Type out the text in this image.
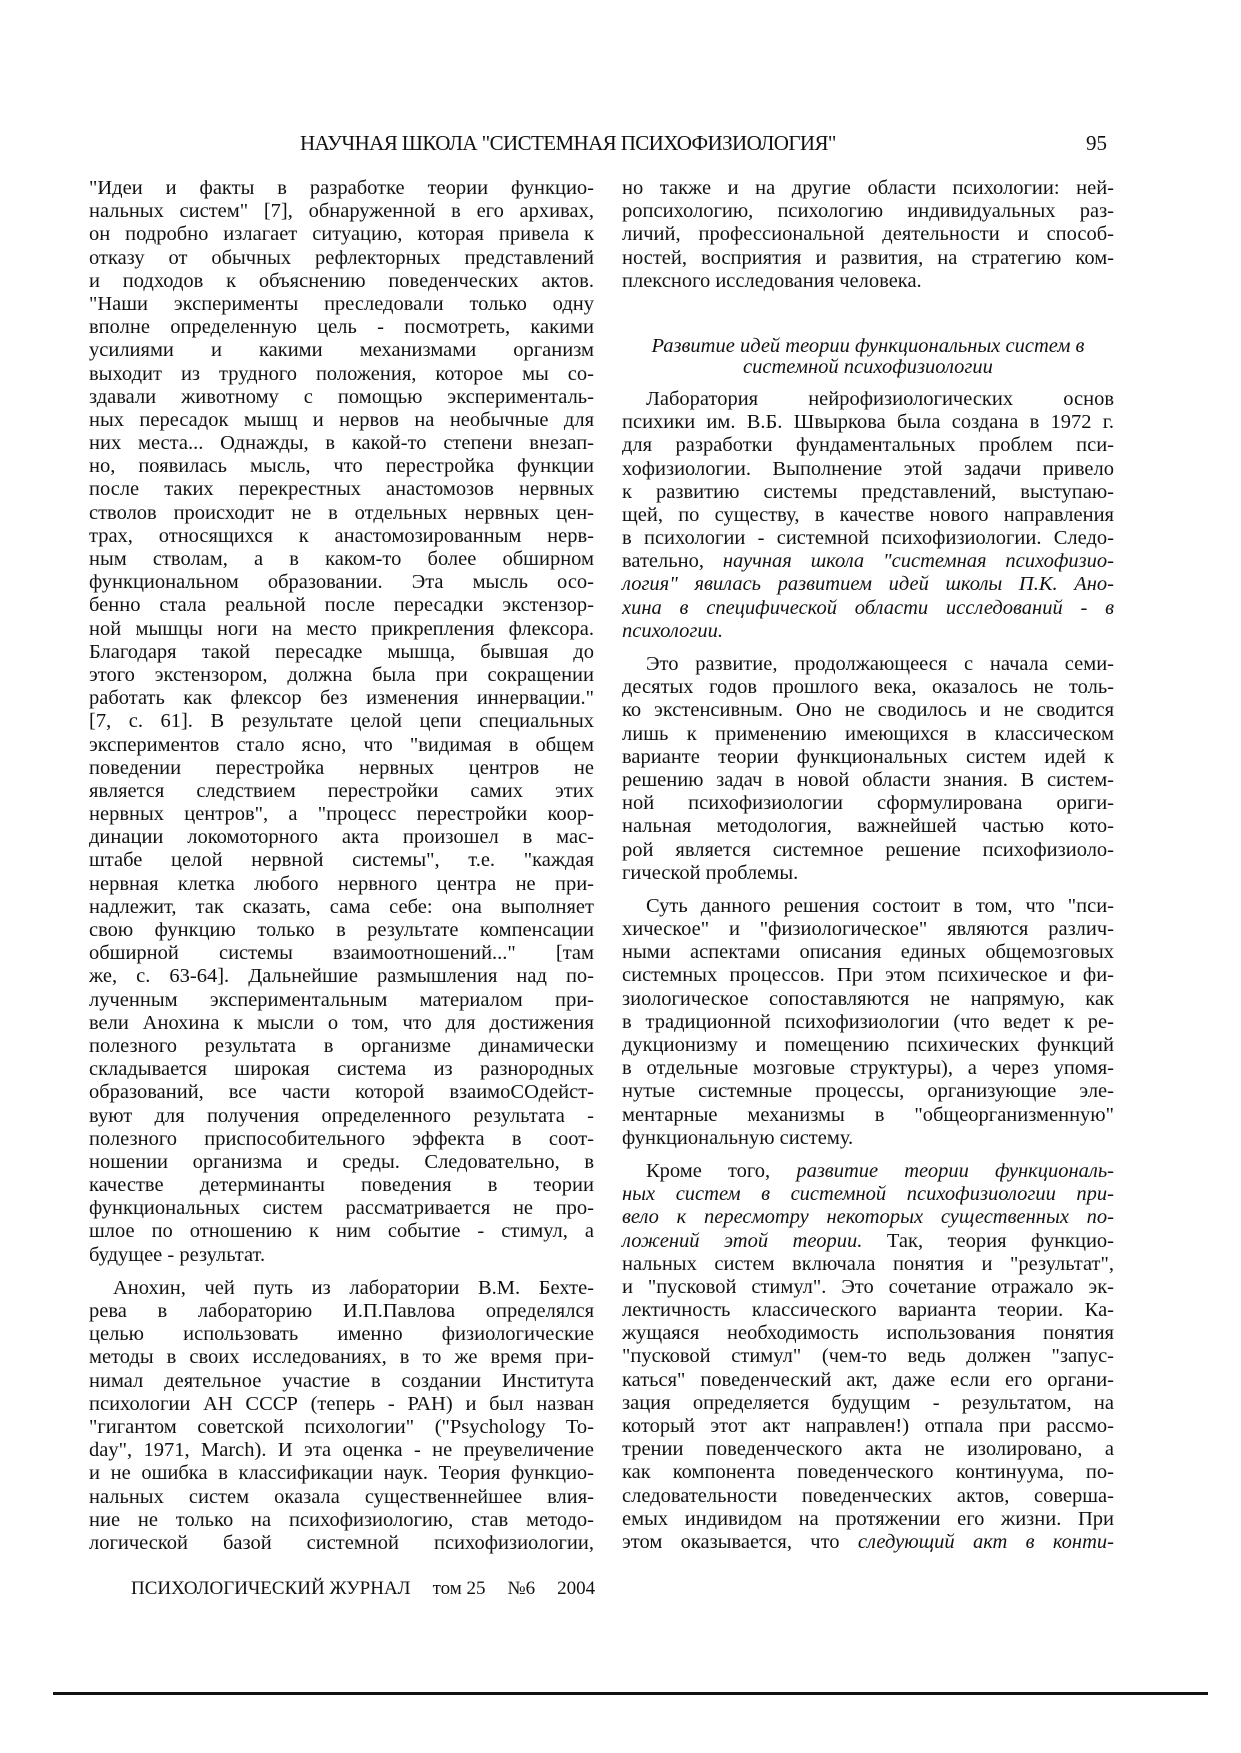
НАУЧНАЯ ШКОЛА "СИСТЕМНАЯ ПСИХОФИЗИОЛОГИЯ"	95
"Идеи и факты в разработке теории функцио-
нальных систем" [7], обнаруженной в его архивах,
он подробно излагает ситуацию, которая привела к
отказу от обычных рефлекторных представлений
и подходов к объяснению поведенческих актов.
"Наши эксперименты преследовали только одну
вполне определенную цель - посмотреть, какими
усилиями и какими механизмами организм
выходит из трудного положения, которое мы со-
здавали животному с помощью эксперименталь-
ных пересадок мышц и нервов на необычные для
них места... Однажды, в какой-то степени внезап-
но, появилась мысль, что перестройка функции
после таких перекрестных анастомозов нервных
стволов происходит не в отдельных нервных цен-
трах, относящихся к анастомозированным нерв-
ным стволам, а в каком-то более обширном
функциональном образовании. Эта мысль осо-
бенно стала реальной после пересадки экстензор-
ной мышцы ноги на место прикрепления флексора.
Благодаря такой пересадке мышца, бывшая до
этого экстензором, должна была при сокращении
работать как флексор без изменения иннервации."
[7, с. 61]. В результате целой цепи специальных
экспериментов стало ясно, что "видимая в общем
поведении перестройка нервных центров не
является следствием перестройки самих этих
нервных центров", а "процесс перестройки коор-
динации локомоторного акта произошел в мас-
штабе целой нервной системы", т.е. "каждая
нервная клетка любого нервного центра не при-
надлежит, так сказать, сама себе: она выполняет
свою функцию только в результате компенсации
обширной системы взаимоотношений..." [там
же, с. 63-64]. Дальнейшие размышления над по-
лученным экспериментальным материалом при-
вели Анохина к мысли о том, что для достижения
полезного результата в организме динамически
складывается широкая система из разнородных
образований, все части которой взаимоСОдейст-
вуют для получения определенного результата -
полезного приспособительного эффекта в соот-
ношении организма и среды. Следовательно, в
качестве детерминанты поведения в теории
функциональных систем рассматривается не про-
шлое по отношению к ним событие - стимул, а
будущее - результат.
Анохин, чей путь из лаборатории В.М. Бехте-
рева в лабораторию И.П.Павлова определялся
целью использовать именно физиологические
методы в своих исследованиях, в то же время при-
нимал деятельное участие в создании Института
психологии АН СССР (теперь - РАН) и был назван
"гигантом советской психологии" ("Psychology To-
day", 1971, March). И эта оценка - не преувеличение
и не ошибка в классификации наук. Теория функцио-
нальных систем оказала существеннейшее влия-
ние не только на психофизиологию, став методо-
логической базой системной психофизиологии,
но также и на другие области психологии: ней-
ропсихологию, психологию индивидуальных раз-
личий, профессиональной деятельности и способ-
ностей, восприятия и развития, на стратегию ком-
плексного исследования человека.
Развитие идей теории функциональных систем в
системной психофизиологии
Лаборатория нейрофизиологических основ
психики им. В.Б. Швыркова была создана в 1972 г.
для разработки фундаментальных проблем пси-
хофизиологии. Выполнение этой задачи привело
к развитию системы представлений, выступаю-
щей, по существу, в качестве нового направления
в психологии - системной психофизиологии. Следо-
вательно, научная школа "системная психофизио-
логия" явилась развитием идей школы П.К. Ано-
хина в специфической области исследований - в
психологии.
Это развитие, продолжающееся с начала семи-
десятых годов прошлого века, оказалось не толь-
ко экстенсивным. Оно не сводилось и не сводится
лишь к применению имеющихся в классическом
варианте теории функциональных систем идей к
решению задач в новой области знания. В систем-
ной психофизиологии сформулирована ориги-
нальная методология, важнейшей частью кото-
рой является системное решение психофизиоло-
гической проблемы.
Суть данного решения состоит в том, что "пси-
хическое" и "физиологическое" являются различ-
ными аспектами описания единых общемозговых
системных процессов. При этом психическое и фи-
зиологическое сопоставляются не напрямую, как
в традиционной психофизиологии (что ведет к ре-
дукционизму и помещению психических функций
в отдельные мозговые структуры), а через упомя-
нутые системные процессы, организующие эле-
ментарные механизмы в "общеорганизменную"
функциональную систему.
Кроме того, развитие теории функциональ-
ных систем в системной психофизиологии при-
вело к пересмотру некоторых существенных по-
ложений этой теории. Так, теория функцио-
нальных систем включала понятия и "результат",
и "пусковой стимул". Это сочетание отражало эк-
лектичность классического варианта теории. Ка-
жущаяся необходимость использования понятия
"пусковой стимул" (чем-то ведь должен "запус-
каться" поведенческий акт, даже если его органи-
зация определяется будущим - результатом, на
который этот акт направлен!) отпала при рассмо-
трении поведенческого акта не изолировано, а
как компонента поведенческого континуума, по-
следовательности поведенческих актов, соверша-
емых индивидом на протяжении его жизни. При
этом оказывается, что следующий акт в конти-
ПСИХОЛОГИЧЕСКИЙ ЖУРНАЛ том 25 №6 2004
